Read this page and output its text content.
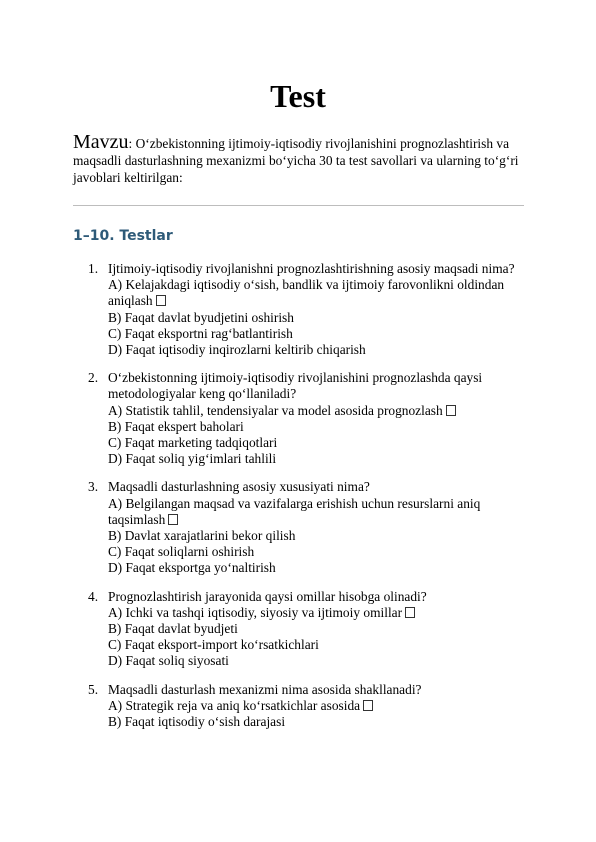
Test
Mavzu: O‘zbekistonning ijtimoiy-iqtisodiy rivojlanishini prognozlashtirish va maqsadli dasturlashning mexanizmi bo‘yicha 30 ta test savollari va ularning to‘g‘ri javoblari keltirilgan:
1–10. Testlar
1. Ijtimoiy-iqtisodiy rivojlanishni prognozlashtirishning asosiy maqsadi nima?
A) Kelajakdagi iqtisodiy o‘sish, bandlik va ijtimoiy farovonlikni oldindan aniqlash
B) Faqat davlat byudjetini oshirish
C) Faqat eksportni rag‘batlantirish
D) Faqat iqtisodiy inqirozlarni keltirib chiqarish
2. O‘zbekistonning ijtimoiy-iqtisodiy rivojlanishini prognozlashda qaysi metodologiyalar keng qo‘llaniladi?
A) Statistik tahlil, tendensiyalar va model asosida prognozlash
B) Faqat ekspert baholari
C) Faqat marketing tadqiqotlari
D) Faqat soliq yig‘imlari tahlili
3. Maqsadli dasturlashning asosiy xususiyati nima?
A) Belgilangan maqsad va vazifalarga erishish uchun resurslarni aniq taqsimlash
B) Davlat xarajatlarini bekor qilish
C) Faqat soliqlarni oshirish
D) Faqat eksportga yo‘naltirish
4. Prognozlashtirish jarayonida qaysi omillar hisobga olinadi?
A) Ichki va tashqi iqtisodiy, siyosiy va ijtimoiy omillar
B) Faqat davlat byudjeti
C) Faqat eksport-import ko‘rsatkichlari
D) Faqat soliq siyosati
5. Maqsadli dasturlash mexanizmi nima asosida shakllanadi?
A) Strategik reja va aniq ko‘rsatkichlar asosida
B) Faqat iqtisodiy o‘sish darajasi
